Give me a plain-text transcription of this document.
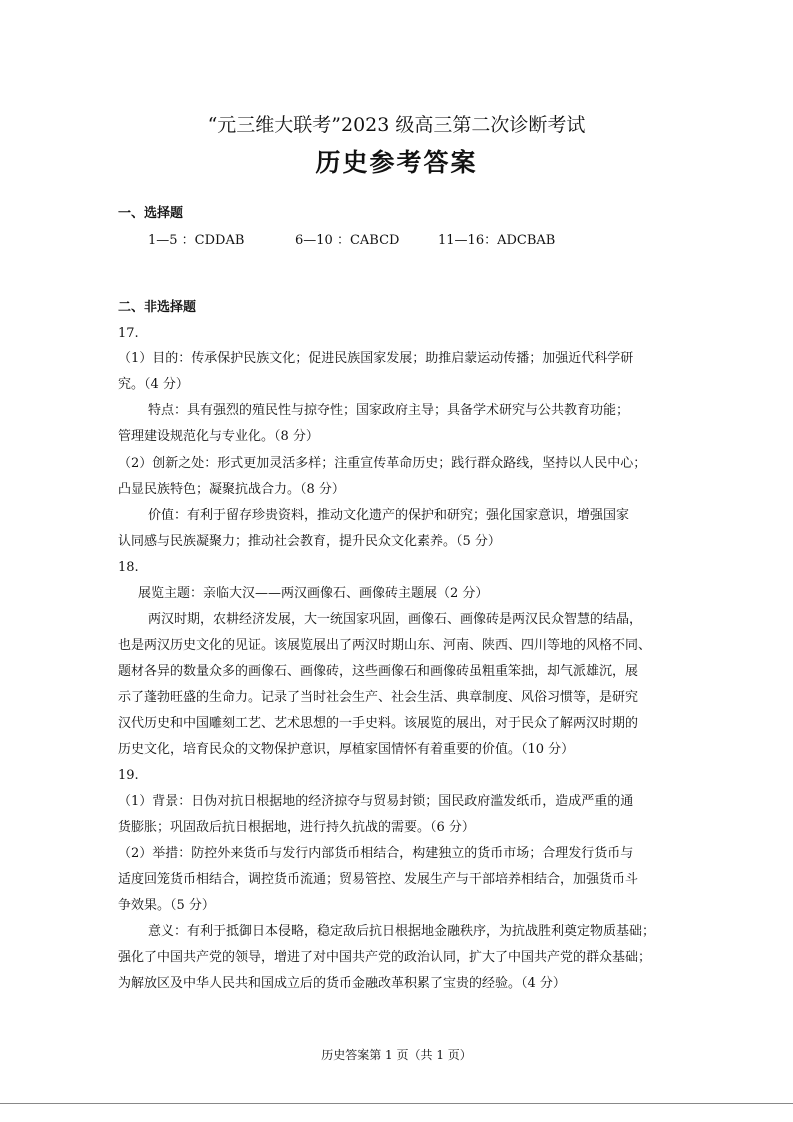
“元三维大联考”2023 级高三第二次诊断考试
历史参考答案
一、选择题
1—5 ：CDDAB	6—10 ：CABCD	11—16：ADCBAB
二、非选择题
17.
（1）目的：传承保护民族文化；促进民族国家发展；助推启蒙运动传播；加强近代科学研
究。（4 分）
特点：具有强烈的殖民性与掠夺性；国家政府主导；具备学术研究与公共教育功能；
管理建设规范化与专业化。（8 分）
（2）创新之处：形式更加灵活多样；注重宣传革命历史；践行群众路线，坚持以人民中心；
凸显民族特色；凝聚抗战合力。（8 分）
价值：有利于留存珍贵资料，推动文化遗产的保护和研究；强化国家意识，增强国家
认同感与民族凝聚力；推动社会教育，提升民众文化素养。（5 分）
18.
展览主题：亲临大汉——两汉画像石、画像砖主题展（2 分）
两汉时期，农耕经济发展，大一统国家巩固，画像石、画像砖是两汉民众智慧的结晶，
也是两汉历史文化的见证。该展览展出了两汉时期山东、河南、陕西、四川等地的风格不同、
题材各异的数量众多的画像石、画像砖，这些画像石和画像砖虽粗重笨拙，却气派雄沉，展
示了蓬勃旺盛的生命力。记录了当时社会生产、社会生活、典章制度、风俗习惯等，是研究
汉代历史和中国雕刻工艺、艺术思想的一手史料。该展览的展出，对于民众了解两汉时期的
历史文化，培育民众的文物保护意识，厚植家国情怀有着重要的价值。（10 分）
19.
（1）背景：日伪对抗日根据地的经济掠夺与贸易封锁；国民政府滥发纸币，造成严重的通
货膨胀；巩固敌后抗日根据地，进行持久抗战的需要。（6 分）
（2）举措：防控外来货币与发行内部货币相结合，构建独立的货币市场；合理发行货币与
适度回笼货币相结合，调控货币流通；贸易管控、发展生产与干部培养相结合，加强货币斗
争效果。（5 分）
意义：有利于抵御日本侵略，稳定敌后抗日根据地金融秩序，为抗战胜利奠定物质基础；
强化了中国共产党的领导，增进了对中国共产党的政治认同，扩大了中国共产党的群众基础；
为解放区及中华人民共和国成立后的货币金融改革积累了宝贵的经验。（4 分）
历史答案第 1 页（共 1 页）
